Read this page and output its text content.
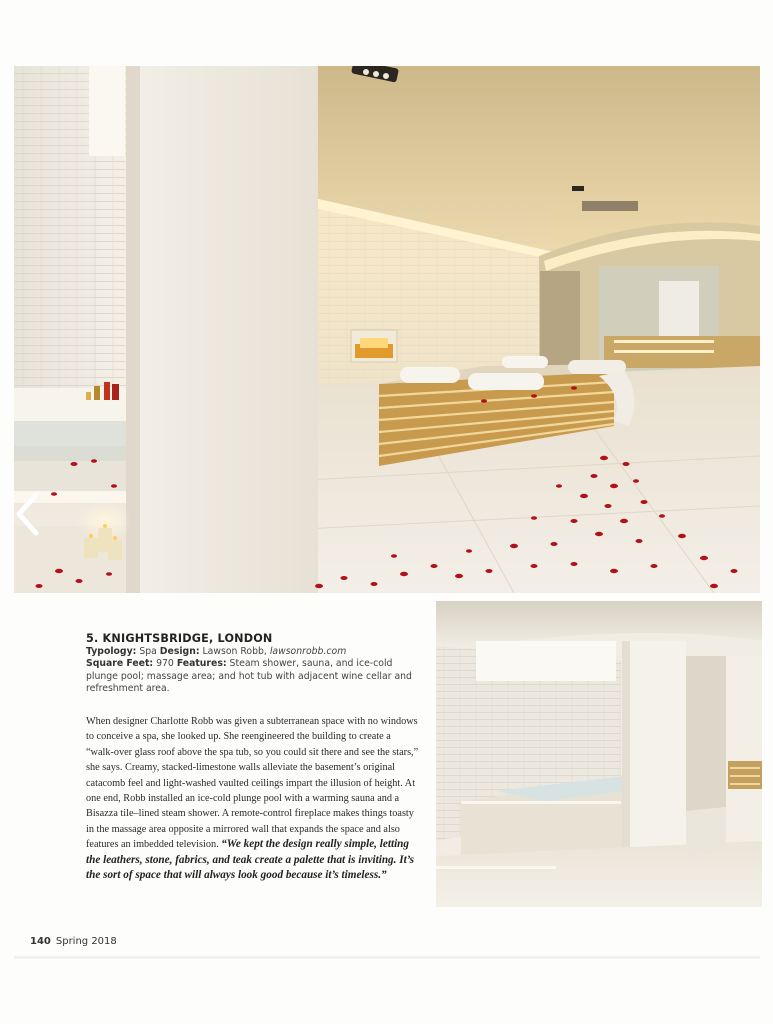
5. KNIGHTSBRIDGE, LONDON
Typology: Spa Design: Lawson Robb, lawsonrobb.com
Square Feet: 970 Features: Steam shower, sauna, and ice-cold plunge pool; massage area; and hot tub with adjacent wine cellar and refreshment area.
When designer Charlotte Robb was given a subterranean space with no windows to conceive a spa, she looked up. She reengineered the building to create a “walk-over glass roof above the spa tub, so you could sit there and see the stars,” she says. Creamy, stacked-limestone walls alleviate the basement’s original catacomb feel and light-washed vaulted ceilings impart the illusion of height. At one end, Robb installed an ice-cold plunge pool with a warming sauna and a Bisazza tile–lined steam shower. A remote-control fireplace makes things toasty in the massage area opposite a mirrored wall that expands the space and also features an imbedded television. “We kept the design really simple, letting the leathers, stone, fabrics, and teak create a palette that is inviting. It’s the sort of space that will always look good because it’s timeless.”
140 Spring 2018
